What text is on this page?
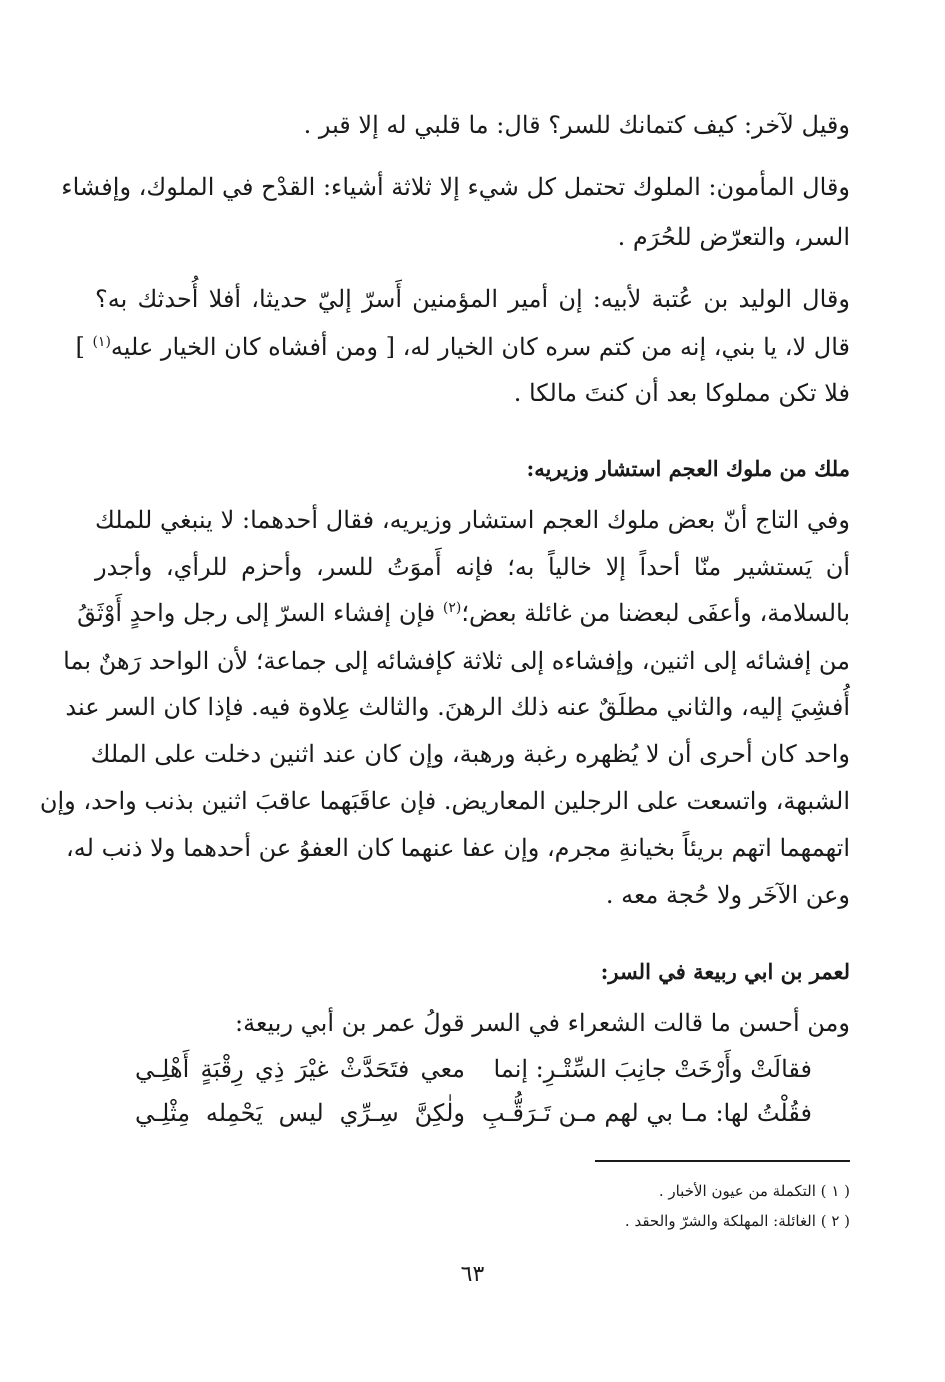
وقيل لآخر: كيف كتمانك للسر؟ قال: ما قلبي له إلا قبر .
وقال المأمون: الملوك تحتمل كل شيء إلا ثلاثة أشياء: القدْح في الملوك، وإفشاء
السر، والتعرّض للحُرَم .
وقال الوليد بن عُتبة لأبيه: إن أمير المؤمنين أَسرّ إليّ حديثا، أفلا أُحدثك به؟
قال لا، يا بني، إنه من كتم سره كان الخيار له، [ ومن أفشاه كان الخيار عليه$^{(١)}$ ]
فلا تكن مملوكا بعد أن كنتَ مالكا .
ملك من ملوك العجم استشار وزيريه:
وفي التاج أنّ بعض ملوك العجم استشار وزيريه، فقال أحدهما: لا ينبغي للملك
أن يَستشير منّا أحداً إلا خالياً به؛ فإنه أَموَتُ للسر، وأحزم للرأي، وأجدر
بالسلامة، وأعفَى لبعضنا من غائلة بعض؛$^{(٢)}$ فإن إفشاء السرّ إلى رجل واحدٍ أَوْثَقُ
من إفشائه إلى اثنين، وإفشاءه إلى ثلاثة كإفشائه إلى جماعة؛ لأن الواحد رَهنٌ بما
أُفشِيَ إليه، والثاني مطلَقٌ عنه ذلك الرهنَ. والثالث عِلاوة فيه. فإذا كان السر عند
واحد كان أحرى أن لا يُظهره رغبة ورهبة، وإن كان عند اثنين دخلت على الملك
الشبهة، واتسعت على الرجلين المعاريض. فإن عاقَبَهما عاقبَ اثنين بذنب واحد، وإن
اتهمهما اتهم بريئاً بخيانةِ مجرم، وإن عفا عنهما كان العفوُ عن أحدهما ولا ذنب له،
وعن الآخَر ولا حُجة معه .
لعمر بن ابي ربيعة في السر:
ومن أحسن ما قالت الشعراء في السر قولُ عمر بن أبي ربيعة:
فقالَتْ وأَرْخَتْ جانِبَ السِّتْـرِ: إنما
معي فتَحَدَّثْ غيْرَ ذِي رِقْبَةٍ أَهْلِـي
فقُلْتُ لها: مـا بي لهم مـن تَـرَقُّـبِ
ولٰكِنَّ سِـرِّي ليس يَحْمِله مِثْلِـي
( ١ ) التكملة من عيون الأخبار .
( ٢ ) الغائلة: المهلكة والشرّ والحقد .
٦٣
